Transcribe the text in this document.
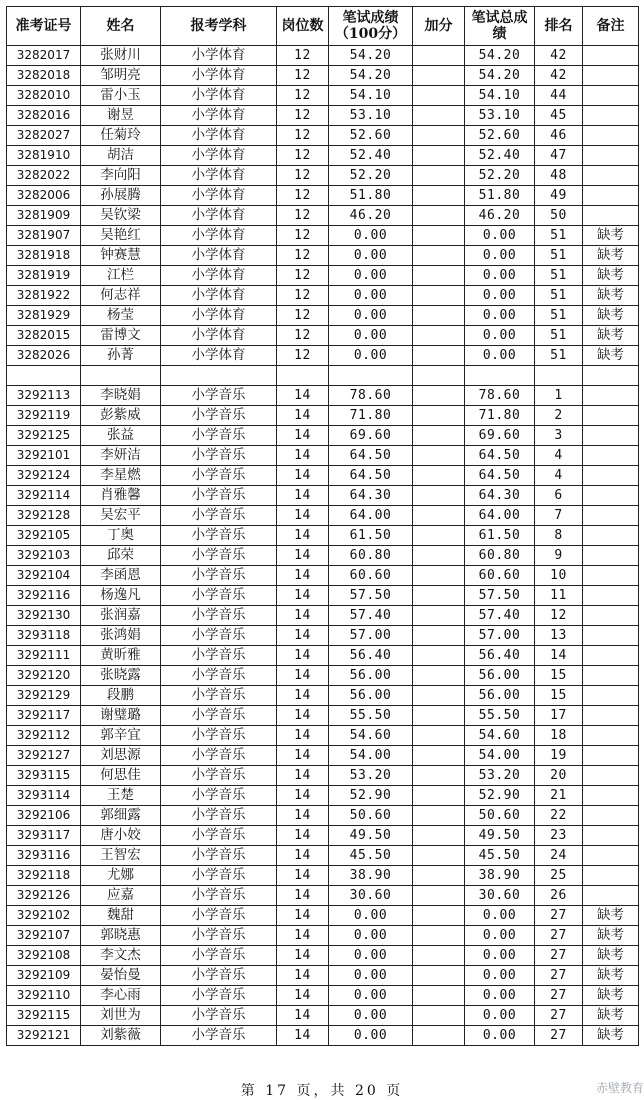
准考证号	姓名	报考学科	岗位数	笔试成绩（100分）	加分	笔试总成绩	排名	备注
3282017	张财川	小学体育	12	54.20		54.20	42	
3282018	邹明亮	小学体育	12	54.20		54.20	42	
3282010	雷小玉	小学体育	12	54.10		54.10	44	
3282016	谢昱	小学体育	12	53.10		53.10	45	
3282027	任菊玲	小学体育	12	52.60		52.60	46	
3281910	胡洁	小学体育	12	52.40		52.40	47	
3282022	李向阳	小学体育	12	52.20		52.20	48	
3282006	孙展腾	小学体育	12	51.80		51.80	49	
3281909	吴钦梁	小学体育	12	46.20		46.20	50	
3281907	吴艳红	小学体育	12	0.00		0.00	51	缺考
3281918	钟赛慧	小学体育	12	0.00		0.00	51	缺考
3281919	江栏	小学体育	12	0.00		0.00	51	缺考
3281922	何志祥	小学体育	12	0.00		0.00	51	缺考
3281929	杨莹	小学体育	12	0.00		0.00	51	缺考
3282015	雷博文	小学体育	12	0.00		0.00	51	缺考
3282026	孙菁	小学体育	12	0.00		0.00	51	缺考

3292113	李晓娟	小学音乐	14	78.60		78.60	1	
3292119	彭紫威	小学音乐	14	71.80		71.80	2	
3292125	张益	小学音乐	14	69.60		69.60	3	
3292101	李妍洁	小学音乐	14	64.50		64.50	4	
3292124	李星燃	小学音乐	14	64.50		64.50	4	
3292114	肖雅馨	小学音乐	14	64.30		64.30	6	
3292128	吴宏平	小学音乐	14	64.00		64.00	7	
3292105	丁奥	小学音乐	14	61.50		61.50	8	
3292103	邱荣	小学音乐	14	60.80		60.80	9	
3292104	李函恩	小学音乐	14	60.60		60.60	10	
3292116	杨逸凡	小学音乐	14	57.50		57.50	11	
3292130	张润嘉	小学音乐	14	57.40		57.40	12	
3293118	张鸿娟	小学音乐	14	57.00		57.00	13	
3292111	黄昕雅	小学音乐	14	56.40		56.40	14	
3292120	张晓露	小学音乐	14	56.00		56.00	15	
3292129	段鹏	小学音乐	14	56.00		56.00	15	
3292117	谢璧璐	小学音乐	14	55.50		55.50	17	
3292112	郭辛宜	小学音乐	14	54.60		54.60	18	
3292127	刘思源	小学音乐	14	54.00		54.00	19	
3293115	何思佳	小学音乐	14	53.20		53.20	20	
3293114	王楚	小学音乐	14	52.90		52.90	21	
3292106	郭细露	小学音乐	14	50.60		50.60	22	
3293117	唐小姣	小学音乐	14	49.50		49.50	23	
3293116	王智宏	小学音乐	14	45.50		45.50	24	
3292118	尤娜	小学音乐	14	38.90		38.90	25	
3292126	应嘉	小学音乐	14	30.60		30.60	26	
3292102	魏甜	小学音乐	14	0.00		0.00	27	缺考
3292107	郭晓惠	小学音乐	14	0.00		0.00	27	缺考
3292108	李文杰	小学音乐	14	0.00		0.00	27	缺考
3292109	晏怡曼	小学音乐	14	0.00		0.00	27	缺考
3292110	李心雨	小学音乐	14	0.00		0.00	27	缺考
3292115	刘世为	小学音乐	14	0.00		0.00	27	缺考
3292121	刘紫薇	小学音乐	14	0.00		0.00	27	缺考
第 17 页，共 20 页	赤壁教育
